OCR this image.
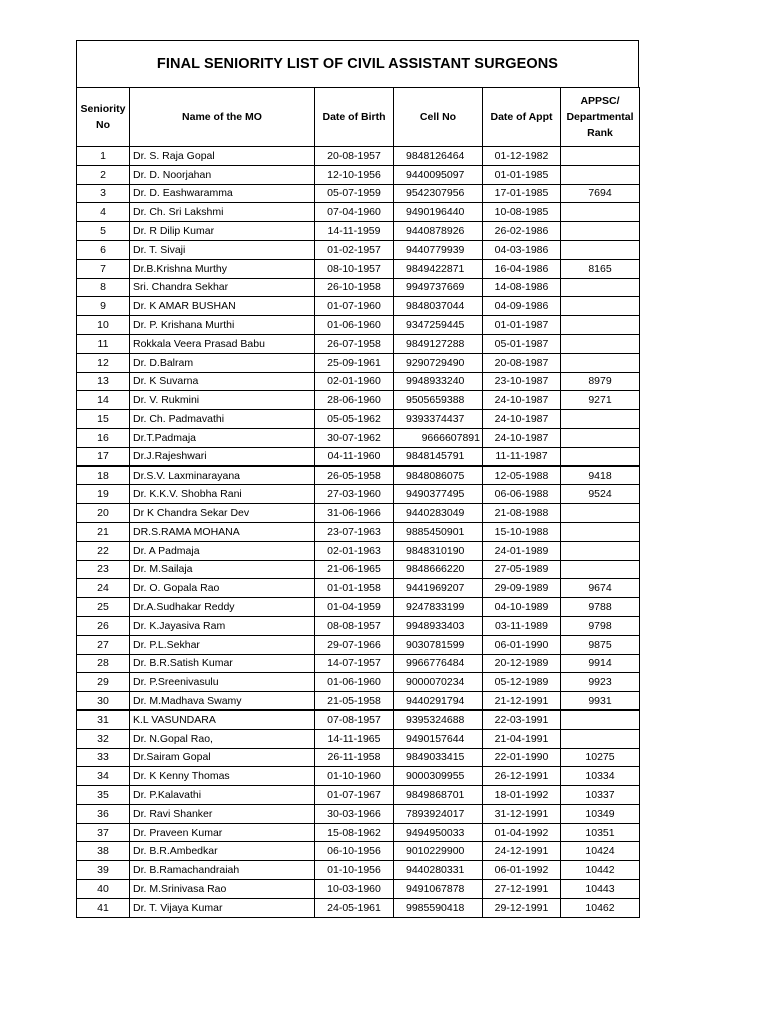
FINAL SENIORITY LIST OF CIVIL ASSISTANT SURGEONS
Seniority No	Name of the MO	Date of Birth	Cell No	Date of Appt	APPSC/ Departmental Rank
1	Dr. S. Raja Gopal	20-08-1957	9848126464	01-12-1982	
2	Dr. D. Noorjahan	12-10-1956	9440095097	01-01-1985	
3	Dr. D. Eashwaramma	05-07-1959	9542307956	17-01-1985	7694
4	Dr. Ch. Sri Lakshmi	07-04-1960	9490196440	10-08-1985	
5	Dr. R Dilip Kumar	14-11-1959	9440878926	26-02-1986	
6	Dr. T. Sivaji	01-02-1957	9440779939	04-03-1986	
7	Dr.B.Krishna Murthy	08-10-1957	9849422871	16-04-1986	8165
8	Sri. Chandra Sekhar	26-10-1958	9949737669	14-08-1986	
9	Dr. K AMAR BUSHAN	01-07-1960	9848037044	04-09-1986	
10	Dr. P. Krishana Murthi	01-06-1960	9347259445	01-01-1987	
11	Rokkala Veera Prasad Babu	26-07-1958	9849127288	05-01-1987	
12	Dr. D.Balram	25-09-1961	9290729490	20-08-1987	
13	Dr. K Suvarna	02-01-1960	9948933240	23-10-1987	8979
14	Dr. V. Rukmini	28-06-1960	9505659388	24-10-1987	9271
15	Dr. Ch. Padmavathi	05-05-1962	9393374437	24-10-1987	
16	Dr.T.Padmaja	30-07-1962	9666607891	24-10-1987	
17	Dr.J.Rajeshwari	04-11-1960	9848145791	11-11-1987	
18	Dr.S.V. Laxminarayana	26-05-1958	9848086075	12-05-1988	9418
19	Dr. K.K.V. Shobha Rani	27-03-1960	9490377495	06-06-1988	9524
20	Dr K Chandra Sekar Dev	31-06-1966	9440283049	21-08-1988	
21	DR.S.RAMA MOHANA	23-07-1963	9885450901	15-10-1988	
22	Dr. A Padmaja	02-01-1963	9848310190	24-01-1989	
23	Dr. M.Sailaja	21-06-1965	9848666220	27-05-1989	
24	Dr. O. Gopala Rao	01-01-1958	9441969207	29-09-1989	9674
25	Dr.A.Sudhakar Reddy	01-04-1959	9247833199	04-10-1989	9788
26	Dr. K.Jayasiva Ram	08-08-1957	9948933403	03-11-1989	9798
27	Dr. P.L.Sekhar	29-07-1966	9030781599	06-01-1990	9875
28	Dr. B.R.Satish Kumar	14-07-1957	9966776484	20-12-1989	9914
29	Dr. P.Sreenivasulu	01-06-1960	9000070234	05-12-1989	9923
30	Dr. M.Madhava Swamy	21-05-1958	9440291794	21-12-1991	9931
31	K.L VASUNDARA	07-08-1957	9395324688	22-03-1991	
32	Dr. N.Gopal Rao,	14-11-1965	9490157644	21-04-1991	
33	Dr.Sairam Gopal	26-11-1958	9849033415	22-01-1990	10275
34	Dr. K Kenny Thomas	01-10-1960	9000309955	26-12-1991	10334
35	Dr. P.Kalavathi	01-07-1967	9849868701	18-01-1992	10337
36	Dr. Ravi Shanker	30-03-1966	7893924017	31-12-1991	10349
37	Dr. Praveen Kumar	15-08-1962	9494950033	01-04-1992	10351
38	Dr. B.R.Ambedkar	06-10-1956	9010229900	24-12-1991	10424
39	Dr. B.Ramachandraiah	01-10-1956	9440280331	06-01-1992	10442
40	Dr. M.Srinivasa Rao	10-03-1960	9491067878	27-12-1991	10443
41	Dr. T. Vijaya Kumar	24-05-1961	9985590418	29-12-1991	10462
